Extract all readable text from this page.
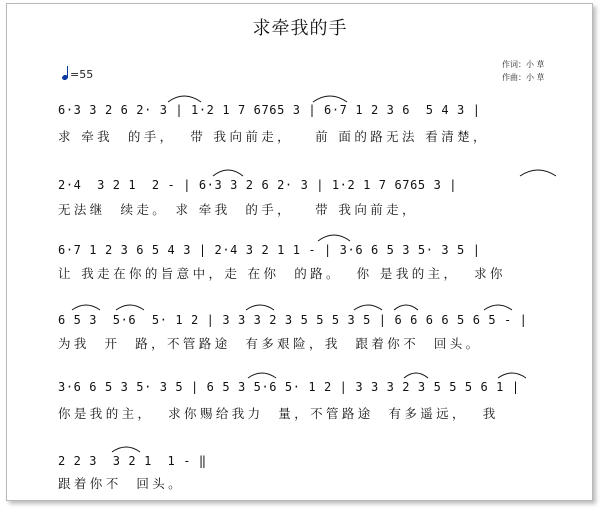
求牵我的手
作词：小 草
作曲：小 草
=55
6·3 3 2 6 2· 3 | 1·2 1 7 6765 3 | 6·7 1 2 3 6  5 4 3 |
求 牵我  的手，  带 我向前走，   前 面的路无法 看清楚，
2·4  3 2 1  2 - | 6·3 3 2 6 2· 3 | 1·2 1 7 6765 3 |
无法继  续走。 求 牵我  的手，   带 我向前走，
6·7 1 2 3 6 5 4 3 | 2·4 3 2 1 1 - | 3·6 6 5 3 5· 3 5 |
让 我走在你的旨意中，走 在你  的路。  你 是我的主，  求你
6 5 3  5·6  5· 1 2 | 3 3 3 2 3 5 5 5 3 5 | 6 6 6 6 5 6 5 - |
为我  开  路，不管路途  有多艰险，我  跟着你不  回头。
3·6 6 5 3 5· 3 5 | 6 5 3 5·6 5· 1 2 | 3 3 3 2 3 5 5 5 6 1 |
你是我的主，  求你赐给我力  量，不管路途  有多遥远，  我
2 2 3  3 2 1  1 - ‖
跟着你不  回头。
